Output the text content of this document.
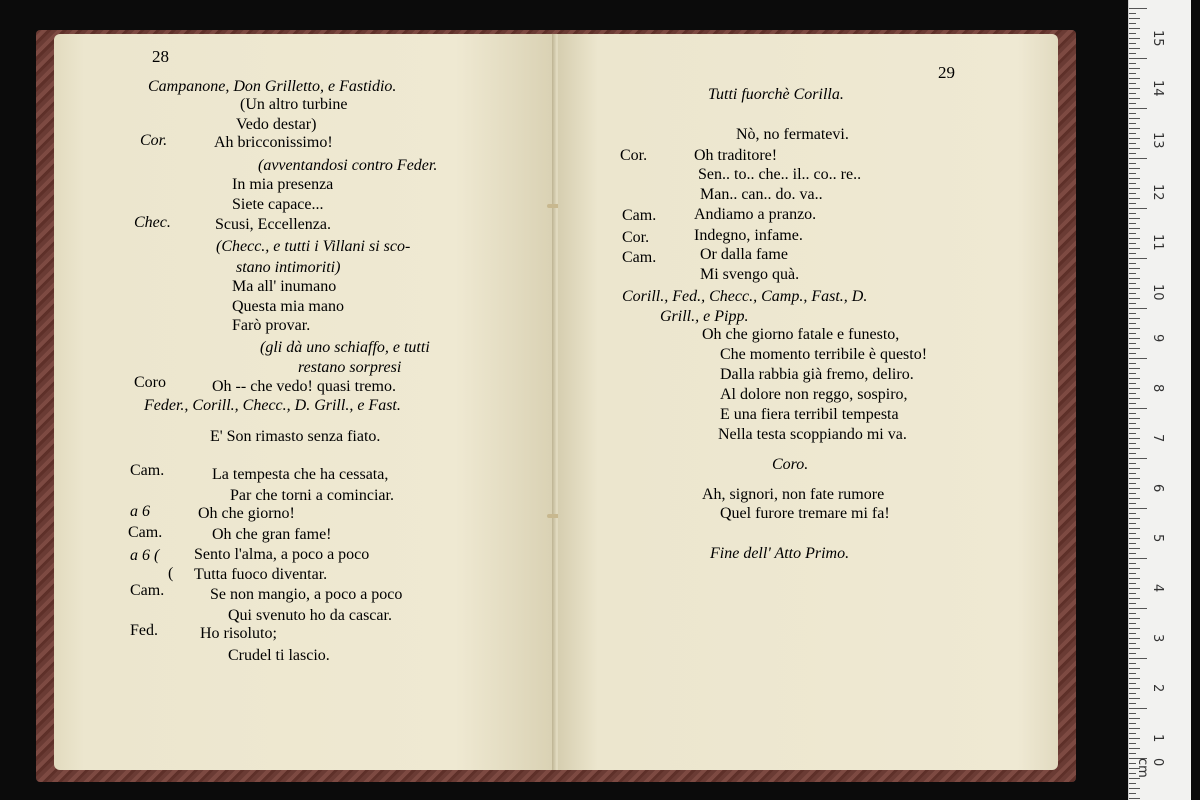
28
Campanone, Don Grilletto, e Fastidio.
(Un altro turbine
Vedo destar)
Cor.	Ah bricconissimo!
(avventandosi contro Feder.
In mia presenza
Siete capace...
Chec.	Scusi, Eccellenza.
(Checc., e tutti i Villani si sco-
stano intimoriti)
Ma all' inumano
Questa mia mano
Farò provar.
(gli dà uno schiaffo, e tutti
restano sorpresi
Coro	Oh -- che vedo! quasi tremo.
Feder., Corill., Checc., D. Grill., e Fast.
E' Son rimasto senza fiato.
Cam.	La tempesta che ha cessata,
Par che torni a cominciar.
a 6	Oh che giorno!
Cam.	Oh che gran fame!
a 6 ( Sento l'alma, a poco a poco
( Tutta fuoco diventar.
Cam.	Se non mangio, a poco a poco
Qui svenuto ho da cascar.
Fed.	Ho risoluto;
Crudel ti lascio.
29
Tutti fuorchè Corilla.
Nò, no fermatevi.
Cor.	Oh traditore!
Sen.. to.. che.. il.. co.. re..
Man.. can.. do. va..
Cam. Andiamo a pranzo.
Cor.	Indegno, infame.
Cam.	Or dalla fame
Mi svengo quà.
Corill., Fed., Checc., Camp., Fast., D.
Grill., e Pipp.
Oh che giorno fatale e funesto,
Che momento terribile è questo!
Dalla rabbia già fremo, deliro.
Al dolore non reggo, sospiro,
E una fiera terribil tempesta
Nella testa scoppiando mi va.
Coro.
Ah, signori, non fate rumore
Quel furore tremare mi fa!
Fine dell' Atto Primo.
15
14
13
12
11
10
9
8
7
6
5
4
3
2
1
0 cm
